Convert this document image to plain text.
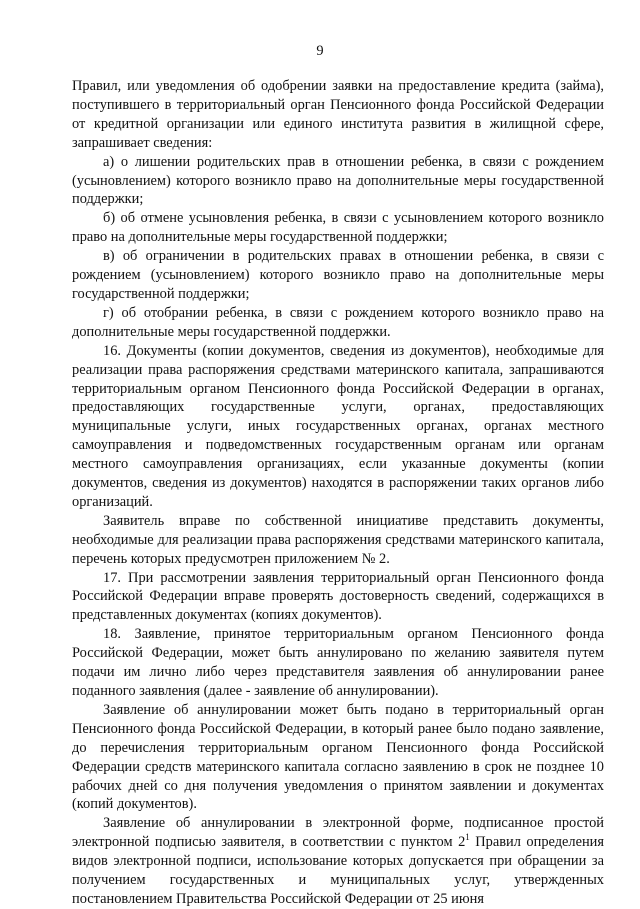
9

Правил, или уведомления об одобрении заявки на предоставление кредита (займа), поступившего в территориальный орган Пенсионного фонда Российской Федерации от кредитной организации или единого института развития в жилищной сфере, запрашивает сведения:

а) о лишении родительских прав в отношении ребенка, в связи с рождением (усыновлением) которого возникло право на дополнительные меры государственной поддержки;

б) об отмене усыновления ребенка, в связи с усыновлением которого возникло право на дополнительные меры государственной поддержки;

в) об ограничении в родительских правах в отношении ребенка, в связи с рождением (усыновлением) которого возникло право на дополнительные меры государственной поддержки;

г) об отобрании ребенка, в связи с рождением которого возникло право на дополнительные меры государственной поддержки.

16. Документы (копии документов, сведения из документов), необходимые для реализации права распоряжения средствами материнского капитала, запрашиваются территориальным органом Пенсионного фонда Российской Федерации в органах, предоставляющих государственные услуги, органах, предоставляющих муниципальные услуги, иных государственных органах, органах местного самоуправления и подведомственных государственным органам или органам местного самоуправления организациях, если указанные документы (копии документов, сведения из документов) находятся в распоряжении таких органов либо организаций.

Заявитель вправе по собственной инициативе представить документы, необходимые для реализации права распоряжения средствами материнского капитала, перечень которых предусмотрен приложением № 2.

17. При рассмотрении заявления территориальный орган Пенсионного фонда Российской Федерации вправе проверять достоверность сведений, содержащихся в представленных документах (копиях документов).

18. Заявление, принятое территориальным органом Пенсионного фонда Российской Федерации, может быть аннулировано по желанию заявителя путем подачи им лично либо через представителя заявления об аннулировании ранее поданного заявления (далее - заявление об аннулировании).

Заявление об аннулировании может быть подано в территориальный орган Пенсионного фонда Российской Федерации, в который ранее было подано заявление, до перечисления территориальным органом Пенсионного фонда Российской Федерации средств материнского капитала согласно заявлению в срок не позднее 10 рабочих дней со дня получения уведомления о принятом заявлении и документах (копий документов).

Заявление об аннулировании в электронной форме, подписанное простой электронной подписью заявителя, в соответствии с пунктом $2^1$ Правил определения видов электронной подписи, использование которых допускается при обращении за получением государственных и муниципальных услуг, утвержденных постановлением Правительства Российской Федерации от 25 июня
